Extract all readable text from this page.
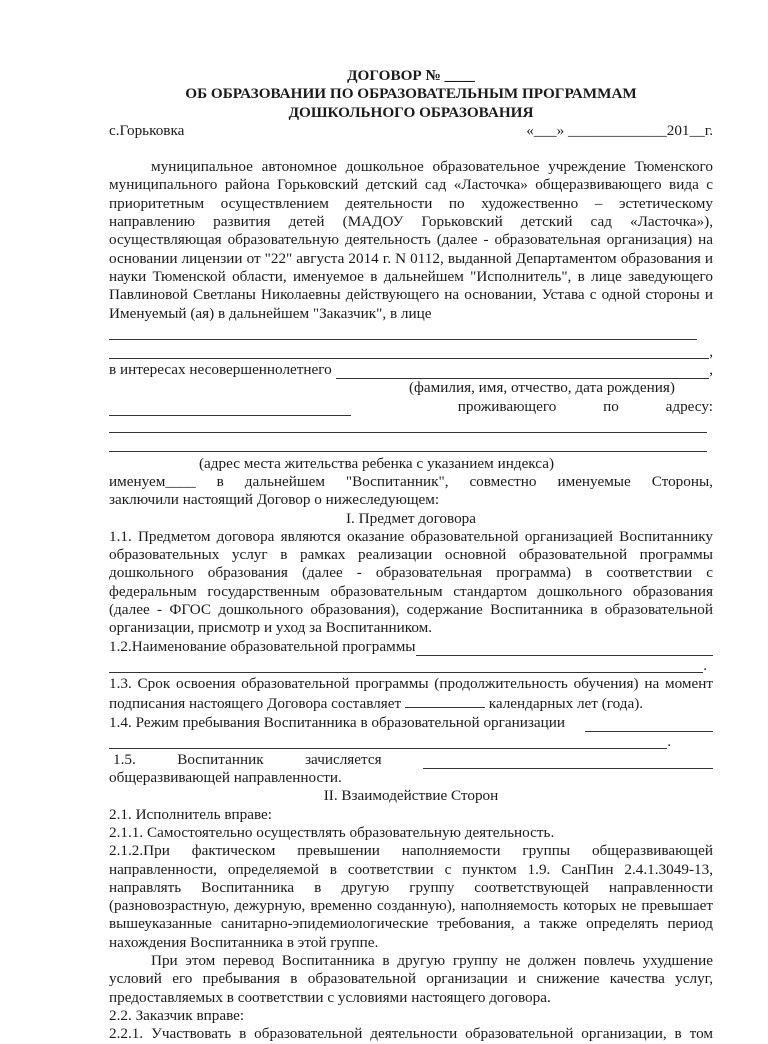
ДОГОВОР № ____

ОБ ОБРАЗОВАНИИ ПО ОБРАЗОВАТЕЛЬНЫМ ПРОГРАММАМ

ДОШКОЛЬНОГО ОБРАЗОВАНИЯ

с.Горьковка	«___» _____________201__г.

муниципальное автономное дошкольное образовательное учреждение Тюменского муниципального района Горьковский детский сад «Ласточка» общеразвивающего вида с приоритетным осуществлением деятельности по художественно – эстетическому направлению развития детей (МАДОУ Горьковский детский сад «Ласточка»), осуществляющая образовательную деятельность (далее - образовательная организация) на основании лицензии от "22" августа 2014 г. N 0112, выданной Департаментом образования и науки Тюменской области, именуемое в дальнейшем "Исполнитель", в лице заведующего Павлиновой Светланы Николаевны действующего на основании, Устава с одной стороны и Именуемый (ая) в дальнейшем "Заказчик", в лице

,
в интересах несовершеннолетнего	,

(фамилия, имя, отчество, дата рождения)

проживающего	по	адресу:

(адрес места жительства ребенка с указанием индекса)

именуем____ в дальнейшем "Воспитанник", совместно именуемые Стороны,

заключили настоящий Договор о нижеследующем:

I. Предмет договора

1.1. Предметом договора являются оказание образовательной организацией Воспитаннику образовательных услуг в рамках реализации основной образовательной программы дошкольного образования (далее - образовательная программа) в соответствии с федеральным государственным образовательным стандартом дошкольного образования (далее - ФГОС дошкольного образования), содержание Воспитанника в образовательной организации, присмотр и уход за Воспитанником.

1.2.Наименование образовательной программы
.

1.3. Срок освоения образовательной программы (продолжительность обучения) на момент подписания настоящего Договора составляет	календарных лет (года).

1.4. Режим пребывания Воспитанника в образовательной организации
.
1.5.	Воспитанник	зачисляется

общеразвивающей направленности.

II. Взаимодействие Сторон

2.1. Исполнитель вправе:

2.1.1. Самостоятельно осуществлять образовательную деятельность.

2.1.2.При фактическом превышении наполняемости группы общеразвивающей направленности, определяемой в соответствии с пунктом 1.9. СанПин 2.4.1.3049-13, направлять Воспитанника в другую группу соответствующей направленности (разновозрастную, дежурную, временно созданную), наполняемость которых не превышает вышеуказанные санитарно-эпидемиологические требования, а также определять период нахождения Воспитанника в этой группе.

При этом перевод Воспитанника в другую группу не должен повлечь ухудшение условий его пребывания в образовательной организации и снижение качества услуг, предоставляемых в соответствии с условиями настоящего договора.

2.2. Заказчик вправе:

2.2.1. Участвовать в образовательной деятельности образовательной организации, в том
